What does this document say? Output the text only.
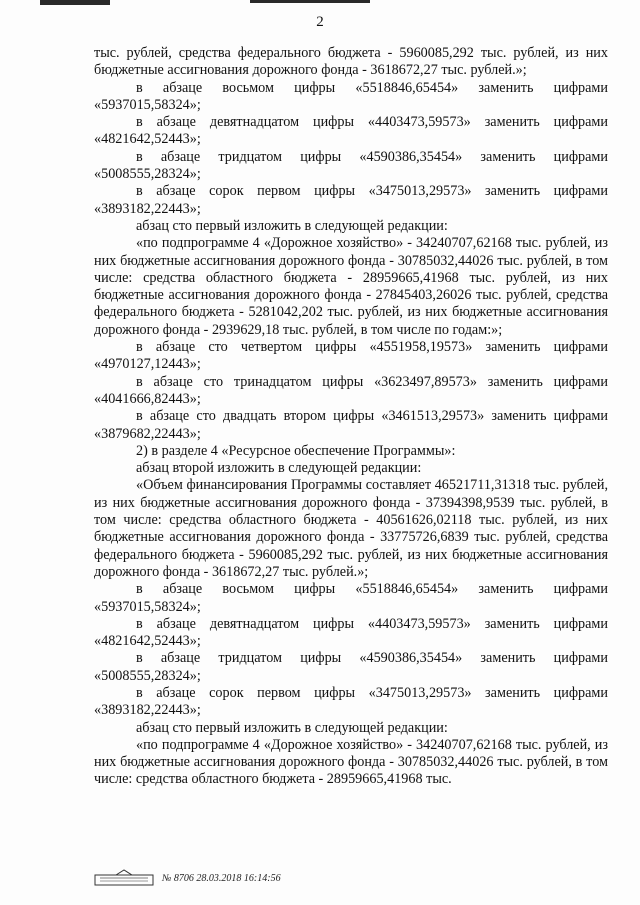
2

тыс. рублей, средства федерального бюджета - 5960085,292 тыс. рублей, из них бюджетные ассигнования дорожного фонда - 3618672,27 тыс. рублей.»;

в абзаце восьмом цифры «5518846,65454» заменить цифрами «5937015,58324»;

в абзаце девятнадцатом цифры «4403473,59573» заменить цифрами «4821642,52443»;

в абзаце тридцатом цифры «4590386,35454» заменить цифрами «5008555,28324»;

в абзаце сорок первом цифры «3475013,29573» заменить цифрами «3893182,22443»;

абзац сто первый изложить в следующей редакции:

«по подпрограмме 4 «Дорожное хозяйство» - 34240707,62168 тыс. рублей, из них бюджетные ассигнования дорожного фонда - 30785032,44026 тыс. рублей, в том числе: средства областного бюджета - 28959665,41968 тыс. рублей, из них бюджетные ассигнования дорожного фонда - 27845403,26026 тыс. рублей, средства федерального бюджета - 5281042,202 тыс. рублей, из них бюджетные ассигнования дорожного фонда - 2939629,18 тыс. рублей, в том числе по годам:»;

в абзаце сто четвертом цифры «4551958,19573» заменить цифрами «4970127,12443»;

в абзаце сто тринадцатом цифры «3623497,89573» заменить цифрами «4041666,82443»;

в абзаце сто двадцать втором цифры «3461513,29573» заменить цифрами «3879682,22443»;

2) в разделе 4 «Ресурсное обеспечение Программы»:

абзац второй изложить в следующей редакции:

«Объем финансирования Программы составляет 46521711,31318 тыс. рублей, из них бюджетные ассигнования дорожного фонда - 37394398,9539 тыс. рублей, в том числе: средства областного бюджета - 40561626,02118 тыс. рублей, из них бюджетные ассигнования дорожного фонда - 33775726,6839 тыс. рублей, средства федерального бюджета - 5960085,292 тыс. рублей, из них бюджетные ассигнования дорожного фонда - 3618672,27 тыс. рублей.»;

в абзаце восьмом цифры «5518846,65454» заменить цифрами «5937015,58324»;

в абзаце девятнадцатом цифры «4403473,59573» заменить цифрами «4821642,52443»;

в абзаце тридцатом цифры «4590386,35454» заменить цифрами «5008555,28324»;

в абзаце сорок первом цифры «3475013,29573» заменить цифрами «3893182,22443»;

абзац сто первый изложить в следующей редакции:

«по подпрограмме 4 «Дорожное хозяйство» - 34240707,62168 тыс. рублей, из них бюджетные ассигнования дорожного фонда - 30785032,44026 тыс. рублей, в том числе: средства областного бюджета - 28959665,41968 тыс.

№ 8706 28.03.2018 16:14:56
